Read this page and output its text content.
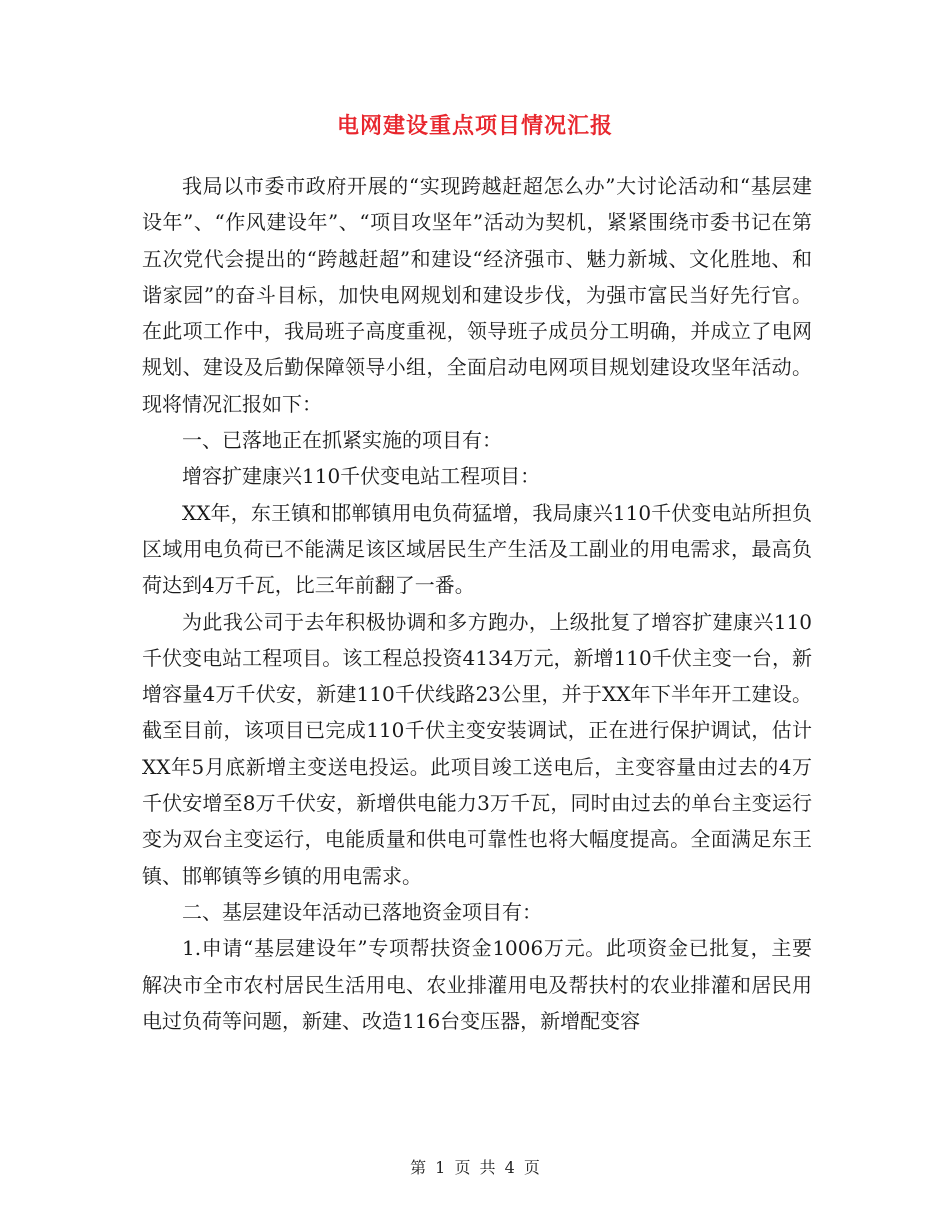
电网建设重点项目情况汇报

我局以市委市政府开展的“实现跨越赶超怎么办”大讨论活动和“基层建设年”、“作风建设年”、“项目攻坚年”活动为契机，紧紧围绕市委书记在第五次党代会提出的“跨越赶超”和建设“经济强市、魅力新城、文化胜地、和谐家园”的奋斗目标，加快电网规划和建设步伐，为强市富民当好先行官。在此项工作中，我局班子高度重视，领导班子成员分工明确，并成立了电网规划、建设及后勤保障领导小组，全面启动电网项目规划建设攻坚年活动。现将情况汇报如下：

一、已落地正在抓紧实施的项目有：

增容扩建康兴110千伏变电站工程项目：

XX年，东王镇和邯郸镇用电负荷猛增，我局康兴110千伏变电站所担负区域用电负荷已不能满足该区域居民生产生活及工副业的用电需求，最高负荷达到4万千瓦，比三年前翻了一番。

为此我公司于去年积极协调和多方跑办，上级批复了增容扩建康兴110千伏变电站工程项目。该工程总投资4134万元，新增110千伏主变一台，新增容量4万千伏安，新建110千伏线路23公里，并于XX年下半年开工建设。截至目前，该项目已完成110千伏主变安装调试，正在进行保护调试，估计XX年5月底新增主变送电投运。此项目竣工送电后，主变容量由过去的4万千伏安增至8万千伏安，新增供电能力3万千瓦，同时由过去的单台主变运行变为双台主变运行，电能质量和供电可靠性也将大幅度提高。全面满足东王镇、邯郸镇等乡镇的用电需求。

二、基层建设年活动已落地资金项目有：

1.申请“基层建设年”专项帮扶资金1006万元。此项资金已批复，主要解决市全市农村居民生活用电、农业排灌用电及帮扶村的农业排灌和居民用电过负荷等问题，新建、改造116台变压器，新增配变容

第 1 页 共 4 页
